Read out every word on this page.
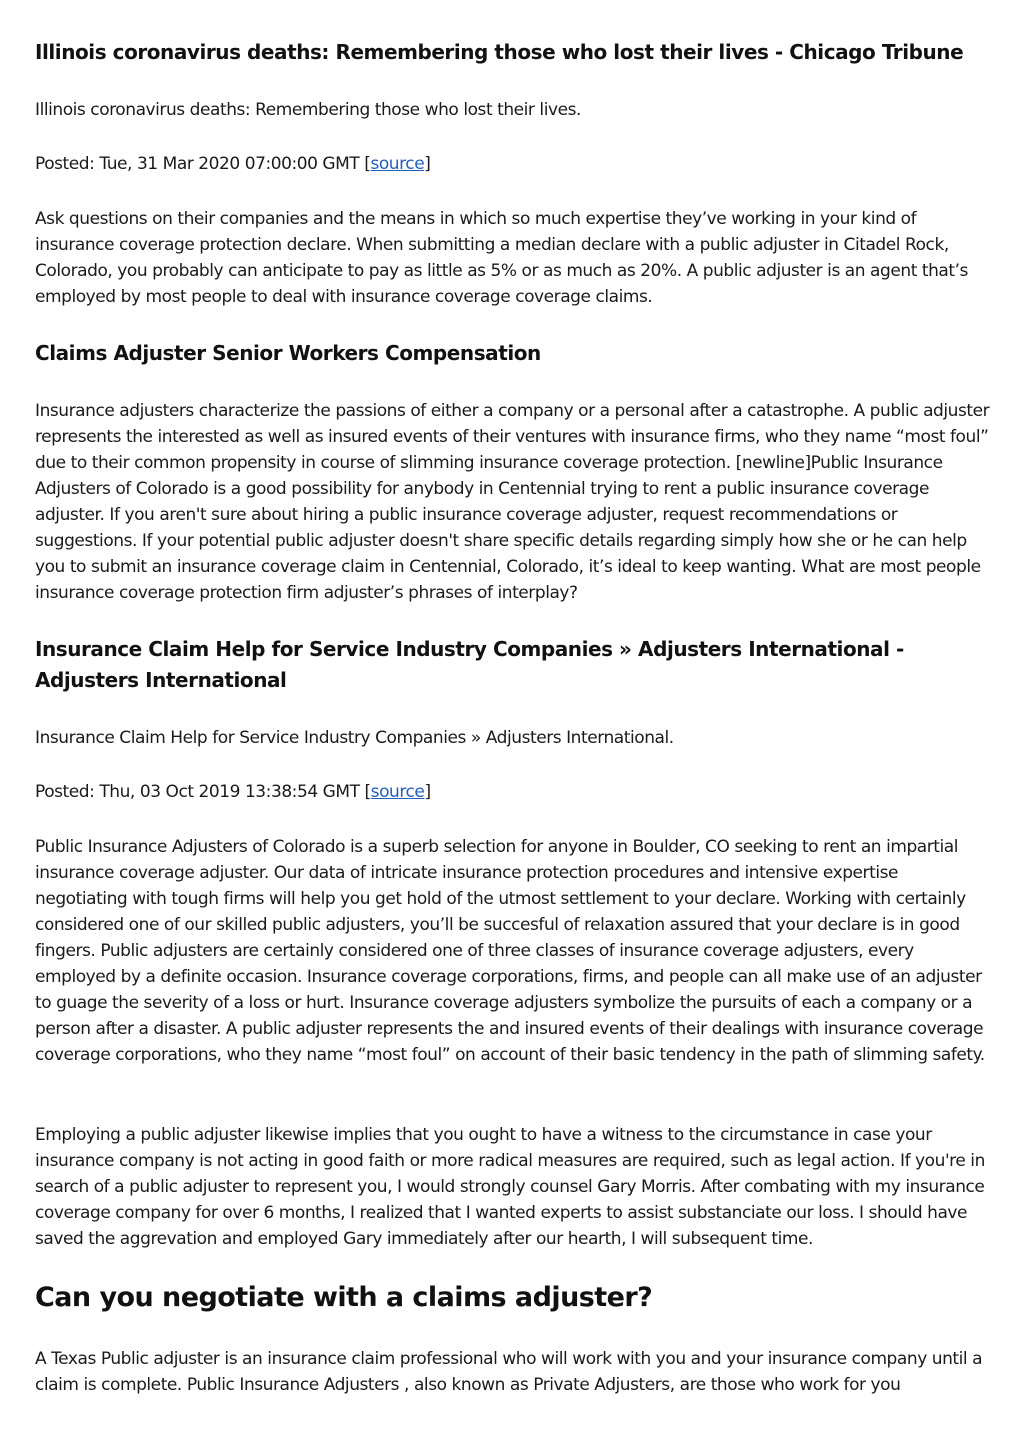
Illinois coronavirus deaths: Remembering those who lost their lives - Chicago Tribune

Illinois coronavirus deaths: Remembering those who lost their lives.

Posted: Tue, 31 Mar 2020 07:00:00 GMT [source]

Ask questions on their companies and the means in which so much expertise they’ve working in your kind of insurance coverage protection declare. When submitting a median declare with a public adjuster in Citadel Rock, Colorado, you probably can anticipate to pay as little as 5% or as much as 20%. A public adjuster is an agent that’s employed by most people to deal with insurance coverage coverage claims.

Claims Adjuster Senior Workers Compensation

Insurance adjusters characterize the passions of either a company or a personal after a catastrophe. A public adjuster represents the interested as well as insured events of their ventures with insurance firms, who they name “most foul” due to their common propensity in course of slimming insurance coverage protection. [newline]Public Insurance Adjusters of Colorado is a good possibility for anybody in Centennial trying to rent a public insurance coverage adjuster. If you aren't sure about hiring a public insurance coverage adjuster, request recommendations or suggestions. If your potential public adjuster doesn't share specific details regarding simply how she or he can help you to submit an insurance coverage claim in Centennial, Colorado, it’s ideal to keep wanting. What are most people insurance coverage protection firm adjuster’s phrases of interplay?

Insurance Claim Help for Service Industry Companies » Adjusters International - Adjusters International

Insurance Claim Help for Service Industry Companies » Adjusters International.

Posted: Thu, 03 Oct 2019 13:38:54 GMT [source]

Public Insurance Adjusters of Colorado is a superb selection for anyone in Boulder, CO seeking to rent an impartial insurance coverage adjuster. Our data of intricate insurance protection procedures and intensive expertise negotiating with tough firms will help you get hold of the utmost settlement to your declare. Working with certainly considered one of our skilled public adjusters, you’ll be succesful of relaxation assured that your declare is in good fingers. Public adjusters are certainly considered one of three classes of insurance coverage adjusters, every employed by a definite occasion. Insurance coverage corporations, firms, and people can all make use of an adjuster to guage the severity of a loss or hurt. Insurance coverage adjusters symbolize the pursuits of each a company or a person after a disaster. A public adjuster represents the and insured events of their dealings with insurance coverage coverage corporations, who they name “most foul” on account of their basic tendency in the path of slimming safety.

Employing a public adjuster likewise implies that you ought to have a witness to the circumstance in case your insurance company is not acting in good faith or more radical measures are required, such as legal action. If you're in search of a public adjuster to represent you, I would strongly counsel Gary Morris. After combating with my insurance coverage company for over 6 months, I realized that I wanted experts to assist substanciate our loss. I should have saved the aggrevation and employed Gary immediately after our hearth, I will subsequent time.

Can you negotiate with a claims adjuster?

A Texas Public adjuster is an insurance claim professional who will work with you and your insurance company until a claim is complete. Public Insurance Adjusters , also known as Private Adjusters, are those who work for you
